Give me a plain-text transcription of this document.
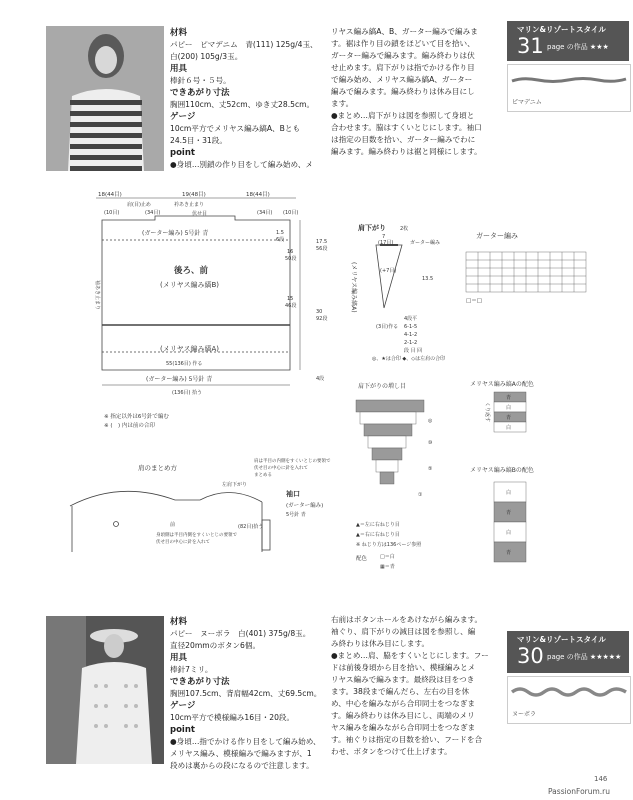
材料
パピー　ピマデニム　青(111) 125g/4玉、
白(200) 105g/3玉。
用具
棒針６号・５号。
できあがり寸法
胸囲110cm、丈52cm、ゆき丈28.5cm。
ゲージ
10cm平方でメリヤス編み縞A、Bとも
24.5目・31段。
point
●身頃…別鎖の作り目をして編み始め、メ
リヤス編み縞A、B、ガーター編みで編みま
す。裾は作り目の鎖をほどいて目を拾い、
ガーター編みで編みます。編み終わりは伏
せ止めます。肩下がりは指でかける作り目
で編み始め、メリヤス編み縞A、ガーター
編みで編みます。編み終わりは休み目にし
ます。
●まとめ…肩下がりは図を参照して身頃と
合わせます。脇はすくいとじにします。袖口
は指定の目数を拾い、ガーター編みでわに
編みます。編み終わりは裾と同様にします。
マリン&リゾートスタイル
31 page の作品 ★★★
ピマデニム
18(44目)	19(48目)	18(44目)
(10目)
肩(目)止め
(34目)
衿あき止まり
伏せ目	(34目) (10目)
(ガーター編み) 5号針 青
後ろ、前
(メリヤス編み縞B)
(メリヤス編み縞A)
55(136目) 作る
(ガーター編み) 5号針 青
(136目) 拾う
1.5
6段
16
50段
17.5
56段
30
92段
15
46段
4段
袖あき止まり
※ 指定以外は6号針で編む
※ (　) 内は前の合印
肩下がり	2枚
7
(17目)	ガーター編み
(メリヤス編み縞A)	13.5
(+7目)
(3目)作る
4段平
6-1-5
4-1-2
2-1-2
段 目 回
◎、★は合印 ◆、◇は左肩の合印
ガーター編み
□＝□
肩下がりの増し目
◎
⑩
⑤
①
▲＝左に右ねじり目
▲＝右に右ねじり目
※ ねじり方は136ページ参照
配色	□＝白
▦＝青
メリヤス編み縞Aの配色
青
白
青
白
くり返す
メリヤス編み縞Bの配色
白
青
白
青
肩のまとめ方
肩は半目の内側をすくいとじの要領で
伏せ目の中心に針を入れて
まとめる
左肩下がり
身頃側は半目内側をすくいとじの要領で
伏せ目の中心に針を入れて
前
袖口
(ガーター編み)
5号針 青
(82目)拾う
材料
パピー　ヌーボラ　白(401) 375g/8玉。
直径20mmのボタン6個。
用具
棒針7ミリ。
できあがり寸法
胸囲107.5cm、背肩幅42cm、丈69.5cm。
ゲージ
10cm平方で模様編み16目・20段。
point
●身頃…指でかける作り目をして編み始め、
メリヤス編み、模様編みで編みますが、1
段めは裏からの段になるので注意します。
右前はボタンホールをあけながら編みます。
袖ぐり、肩下がりの減目は図を参照し、編
み終わりは休み目にします。
●まとめ…肩、脇をすくいとじにします。フー
ドは前後身頃から目を拾い、模様編みとメ
リヤス編みで編みます。最終段は目をつき
ます。38段まで編んだら、左右の目を休
め、中心を編みながら合印同士をつなぎま
す。編み終わりは休み目にし、両端のメリ
ヤス編みを編みながら合印同士をつなぎま
す。袖ぐりは指定の目数を拾い、フードを合
わせ、ボタンをつけて仕上げます。
マリン&リゾートスタイル
30 page の作品 ★★★★★
ヌーボラ
146
PassionForum.ru
